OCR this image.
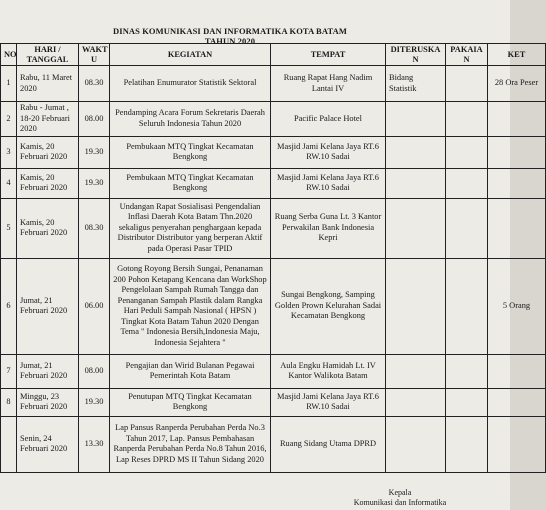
DINAS KOMUNIKASI DAN INFORMATIKA KOTA BATAM
TAHUN 2020
NO	HARI / TANGGAL	WAKT U	KEGIATAN	TEMPAT	DITERUSKA N	PAKAIA N	KET
1	Rabu, 11 Maret 2020	08.30	Pelatihan Enumurator Statistik Sektoral	Ruang Rapat Hang Nadim Lantai IV	Bidang Statistik		28 Ora Peser
2	Rabu - Jumat , 18-20 Februari 2020	08.00	Pendamping Acara Forum Sekretaris Daerah Seluruh Indonesia Tahun 2020	Pacific Palace Hotel			
3	Kamis, 20 Februari 2020	19.30	Pembukaan MTQ Tingkat Kecamatan Bengkong	Masjid Jami Kelana Jaya RT.6 RW.10 Sadai			
4	Kamis, 20 Februari 2020	19.30	Pembukaan MTQ Tingkat Kecamatan Bengkong	Masjid Jami Kelana Jaya RT.6 RW.10 Sadai			
5	Kamis, 20 Februari 2020	08.30	Undangan Rapat Sosialisasi Pengendalian Inflasi Daerah Kota Batam Thn.2020 sekaligus penyerahan penghargaan kepada Distributor Distributor yang berperan Aktif pada Operasi Pasar TPID	Ruang Serba Guna Lt. 3 Kantor Perwakilan Bank Indonesia Kepri			
6	Jumat, 21 Februari 2020	06.00	Gotong Royong Bersih Sungai, Penanaman 200 Pohon Ketapang Kencana dan WorkShop Pengelolaan Sampah Rumah Tangga dan Penanganan Sampah Plastik dalam Rangka Hari Peduli Sampah Nasional ( HPSN ) Tingkat Kota Batam Tahun 2020 Dengan Tema " Indonesia Bersih,Indonesia Maju, Indonesia Sejahtera "	Sungai Bengkong, Samping Golden Prown Kelurahan Sadai Kecamatan Bengkong			5 Orang
7	Jumat, 21 Februari 2020	08.00	Pengajian dan Wirid Bulanan Pegawai Pemerintah Kota Batam	Aula Engku Hamidah Lt. IV Kantor Walikota Batam			
8	Minggu, 23 Februari 2020	19.30	Penutupan MTQ Tingkat Kecamatan Bengkong	Masjid Jami Kelana Jaya RT.6 RW.10 Sadai			
	Senin, 24 Februari 2020	13.30	Lap Pansus Ranperda Perubahan Perda No.3 Tahun 2017, Lap. Pansus Pembahasan Ranperda Perubahan Perda No.8 Tahun 2016, Lap Reses DPRD MS II Tahun Sidang 2020	Ruang Sidang Utama DPRD			
Kepala
Komunikasi dan Informatika
